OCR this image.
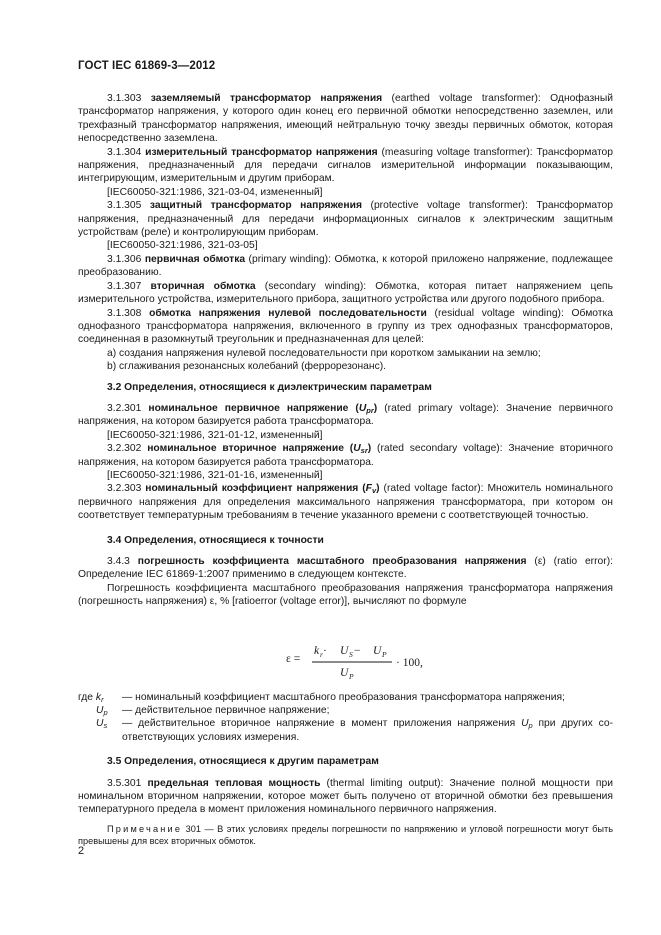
ГОСТ IEC 61869-3—2012

3.1.303 заземляемый трансформатор напряжения (earthed voltage transformer): Однофазный трансформатор напряжения, у которого один конец его первичной обмотки непосредственно заземлен, или трехфазный трансформатор напряжения, имеющий нейтральную точку звезды первичных обмоток, которая непосредственно заземлена.

3.1.304 измерительный трансформатор напряжения (measuring voltage transformer): Трансформатор напряжения, предназначенный для передачи сигналов измерительной информации показывающим, интегрирующим, измерительным и другим приборам.

[IEC60050-321:1986, 321-03-04, измененный]

3.1.305 защитный трансформатор напряжения (protective voltage transformer): Трансформатор напряжения, предназначенный для передачи информационных сигналов к электрическим защитным устройствам (реле) и контролирующим приборам.

[IEC60050-321:1986, 321-03-05]

3.1.306 первичная обмотка (primary winding): Обмотка, к которой приложено напряжение, подлежащее преобразованию.

3.1.307 вторичная обмотка (secondary winding): Обмотка, которая питает напряжением цепь измерительного устройства, измерительного прибора, защитного устройства или другого подобного прибора.

3.1.308 обмотка напряжения нулевой последовательности (residual voltage winding): Обмотка однофазного трансформатора напряжения, включенного в группу из трех однофазных трансформаторов, соединенная в разомкнутый треугольник и предназначенная для целей:

a) создания напряжения нулевой последовательности при коротком замыкании на землю;

b) сглаживания резонансных колебаний (феррорезонанс).

3.2 Определения, относящиеся к диэлектрическим параметрам

3.2.301 номинальное первичное напряжение $(U_{pr})$ (rated primary voltage): Значение первичного напряжения, на котором базируется работа трансформатора.

[IEC60050-321:1986, 321-01-12, измененный]

3.2.302 номинальное вторичное напряжение $(U_{sr})$ (rated secondary voltage): Значение вторичного напряжения, на котором базируется работа трансформатора.

[IEC60050-321:1986, 321-01-16, измененный]

3.2.303 номинальный коэффициент напряжения $(F_v)$ (rated voltage factor): Множитель номинального первичного напряжения для определения максимального напряжения трансформатора, при котором он соответствует температурным требованиям в течение указанного времени с соответствующей точностью.

3.4 Определения, относящиеся к точности

3.4.3 погрешность коэффициента масштабного преобразования напряжения (ε) (ratio error): Определение IEC 61869-1:2007 применимо в следующем контексте.

Погрешность коэффициента масштабного преобразования напряжения трансформатора напряжения (погрешность напряжения) ε, % [ratioerror (voltage error)], вычисляют по формуле

ε =
k r · U S − U P
U P
· 100,
где $k_r$	— номинальный коэффициент масштабного преобразования трансформатора напряжения;
$U_p$	— действительное первичное напряжение;
$U_s$	— действительное вторичное напряжение в момент приложения напряжения $U_p$ при других со-ответствующих условиях измерения.
3.5 Определения, относящиеся к другим параметрам

3.5.301 предельная тепловая мощность (thermal limiting output): Значение полной мощности при номинальном вторичном напряжении, которое может быть получено от вторичной обмотки без превышения температурного предела в момент приложения номинального первичного напряжения.

Примечание 301 — В этих условиях пределы погрешности по напряжению и угловой погрешности могут быть превышены для всех вторичных обмоток.

2
